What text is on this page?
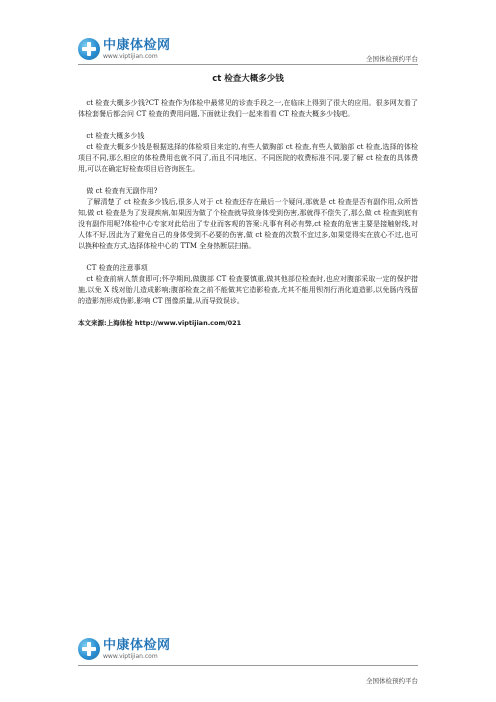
中康体检网
www.viptijian.com	全国体检预约平台
ct 检查大概多少钱

ct 检查大概多少钱?CT 检查作为体检中最常见的诊查手段之一,在临床上得到了很大的应用。很多网友看了体检套餐后都会问 CT 检查的费用问题,下面就让我们一起来看看 CT 检查大概多少钱吧。

ct 检查大概多少钱

ct 检查大概多少钱是根据选择的体检项目来定的,有些人做胸部 ct 检查,有些人做脑部 ct 检查,选择的体检项目不同,那么相应的体检费用也就不同了,而且不同地区、不同医院的收费标准不同,要了解 ct 检查的具体费用,可以在确定好检查项目后咨询医生。

做 ct 检查有无副作用?

了解清楚了 ct 检查多少钱后,很多人对于 ct 检查还存在最后一个疑问,那就是 ct 检查是否有副作用,众所皆知,做 ct 检查是为了发现疾病,如果因为做了个检查就导致身体受到伤害,那就得不偿失了,那么做 ct 检查到底有没有副作用呢?体检中心专家对此给出了专业而客观的答案:凡事有利必有弊,ct 检查的危害主要是接触射线,对人体不好,因此为了避免自己的身体受到不必要的伤害,做 ct 检查的次数不宜过多,如果觉得实在放心不过,也可以换种检查方式,选择体检中心的 TTM 全身热断层扫描。

CT 检查的注意事项

ct 检查前病人禁食即可;怀孕期间,做腹部 CT 检查要慎重,做其他部位检查时,也应对腹部采取一定的保护措施,以免 X 线对胎儿造成影响;腹部检查之前不能做其它造影检查,尤其不能用钡剂行消化道造影,以免肠内残留的造影剂形成伪影,影响 CT 图像质量,从而导致误诊。

本文来源:上海体检 http://www.viptijian.com/021
中康体检网
www.viptijian.com
全国体检预约平台
